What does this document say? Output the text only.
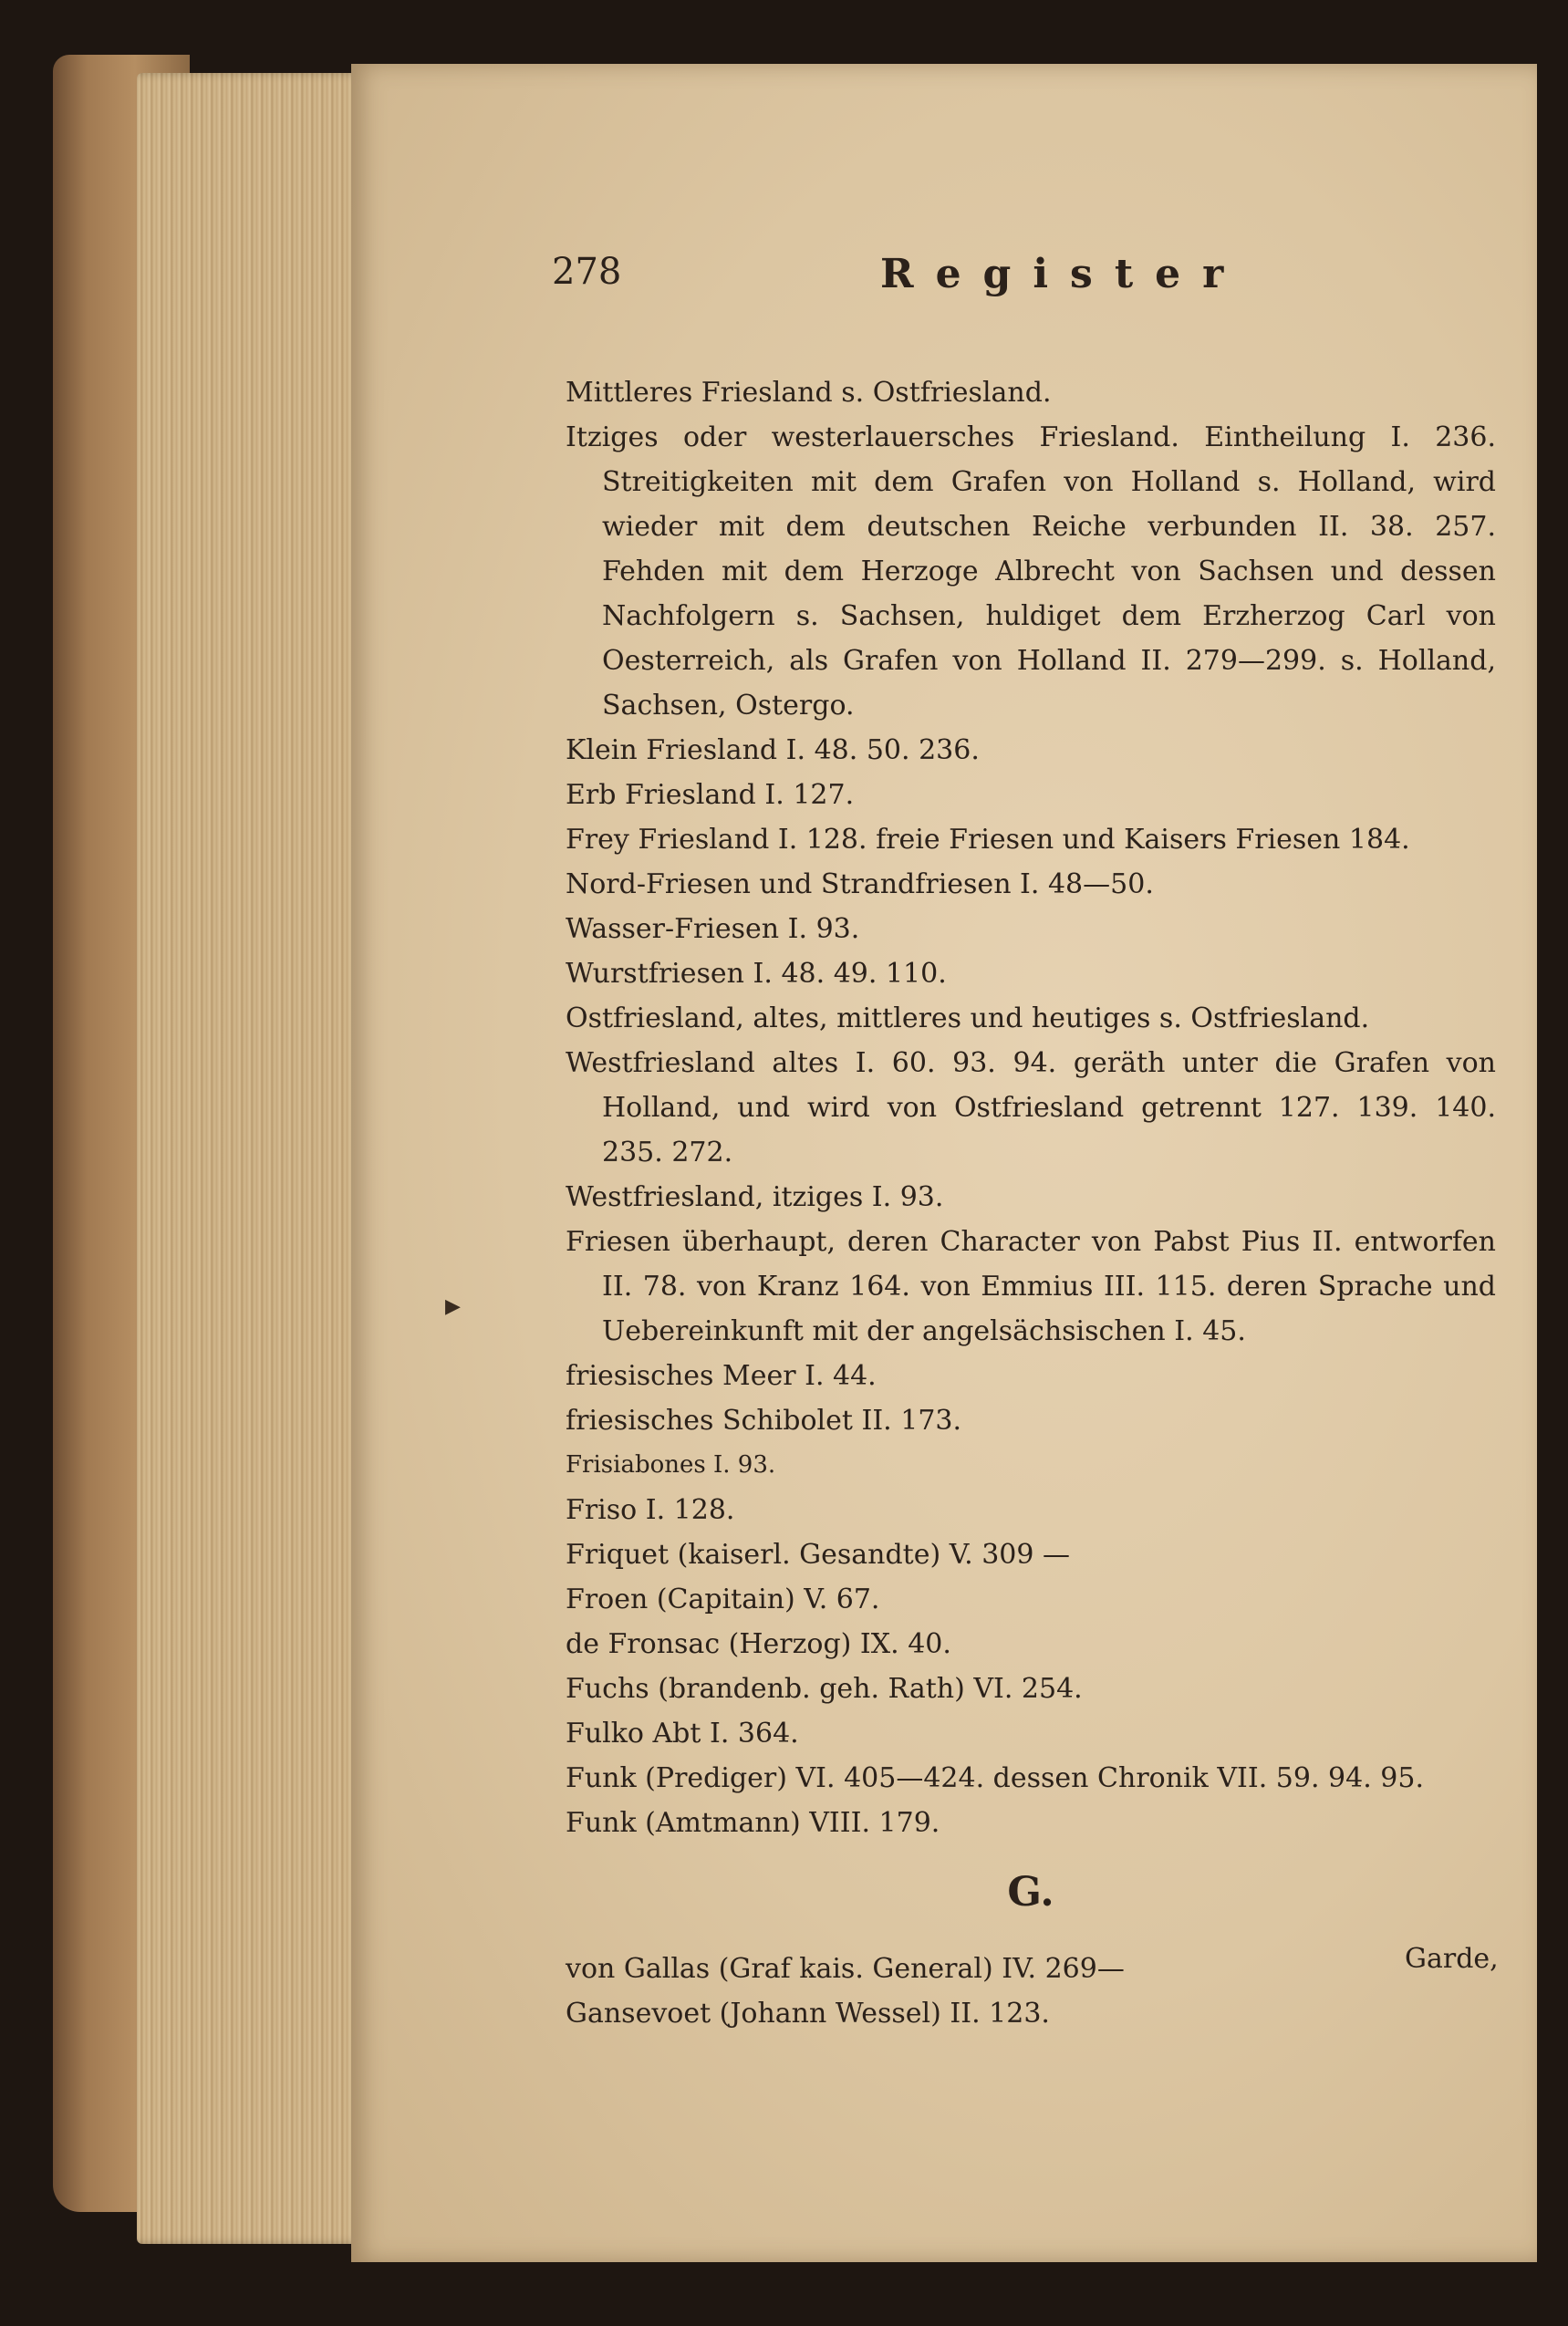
▶
278	Register
Mittleres Friesland s. Ostfriesland.
Itziges oder westerlauersches Friesland. Eintheilung I. 236. Streitigkeiten mit dem Grafen von Holland s. Holland, wird wieder mit dem deutschen Reiche verbunden II. 38. 257. Fehden mit dem Herzoge Albrecht von Sachsen und dessen Nachfolgern s. Sachsen, huldiget dem Erzherzog Carl von Oesterreich, als Grafen von Holland II. 279—299. s. Holland, Sachsen, Ostergo.
Klein Friesland I. 48. 50. 236.
Erb Friesland I. 127.
Frey Friesland I. 128. freie Friesen und Kaisers Friesen 184.
Nord-Friesen und Strandfriesen I. 48—50.
Wasser-Friesen I. 93.
Wurstfriesen I. 48. 49. 110.
Ostfriesland, altes, mittleres und heutiges s. Ostfriesland.
Westfriesland altes I. 60. 93. 94. geräth unter die Grafen von Holland, und wird von Ostfriesland getrennt 127. 139. 140. 235. 272.
Westfriesland, itziges I. 93.
Friesen überhaupt, deren Character von Pabst Pius II. entworfen II. 78. von Kranz 164. von Emmius III. 115. deren Sprache und Uebereinkunft mit der angelsächsischen I. 45.
friesisches Meer I. 44.
friesisches Schibolet II. 173.
Frisiabones I. 93.
Friso I. 128.
Friquet (kaiserl. Gesandte) V. 309 —
Froen (Capitain) V. 67.
de Fronsac (Herzog) IX. 40.
Fuchs (brandenb. geh. Rath) VI. 254.
Fulko Abt I. 364.
Funk (Prediger) VI. 405—424. dessen Chronik VII. 59. 94. 95.
Funk (Amtmann) VIII. 179.
G.
von Gallas (Graf kais. General) IV. 269—
Gansevoet (Johann Wessel) II. 123.
Garde,
